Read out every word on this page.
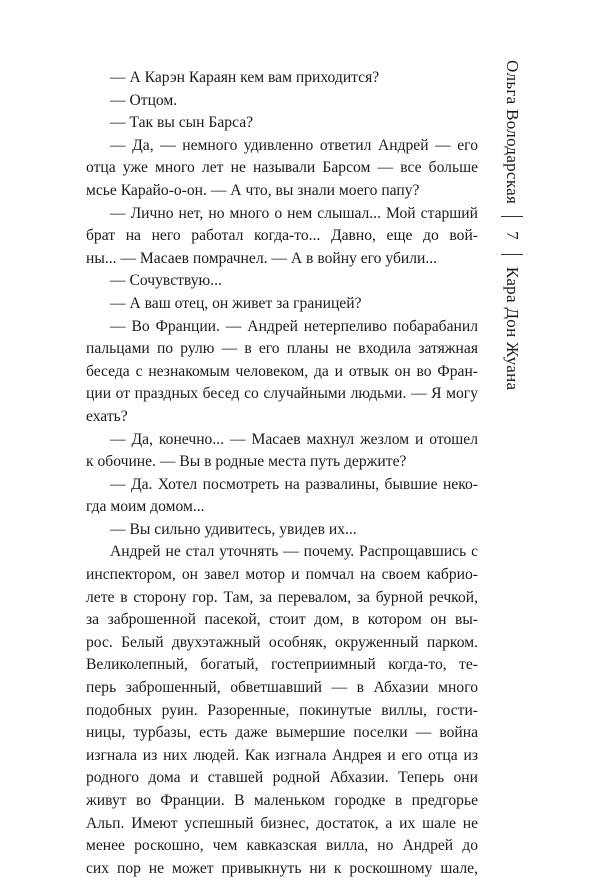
— А Карэн Караян кем вам приходится?
— Отцом.
— Так вы сын Барса?
— Да, — немного удивленно ответил Андрей — его
отца уже много лет не называли Барсом — все больше
мсье Карайо-о-он. — А что, вы знали моего папу?
— Лично нет, но много о нем слышал... Мой старший
брат на него работал когда-то... Давно, еще до вой-
ны... — Масаев помрачнел. — А в войну его убили...
— Сочувствую...
— А ваш отец, он живет за границей?
— Во Франции. — Андрей нетерпеливо побарабанил
пальцами по рулю — в его планы не входила затяжная
беседа с незнакомым человеком, да и отвык он во Фран-
ции от праздных бесед со случайными людьми. — Я могу
ехать?
— Да, конечно... — Масаев махнул жезлом и отошел
к обочине. — Вы в родные места путь держите?
— Да. Хотел посмотреть на развалины, бывшие неко-
гда моим домом...
— Вы сильно удивитесь, увидев их...
Андрей не стал уточнять — почему. Распрощавшись с
инспектором, он завел мотор и помчал на своем кабрио-
лете в сторону гор. Там, за перевалом, за бурной речкой,
за заброшенной пасекой, стоит дом, в котором он вы-
рос. Белый двухэтажный особняк, окруженный парком.
Великолепный, богатый, гостеприимный когда-то, те-
перь заброшенный, обветшавший — в Абхазии много
подобных руин. Разоренные, покинутые виллы, гости-
ницы, турбазы, есть даже вымершие поселки — война
изгнала из них людей. Как изгнала Андрея и его отца из
родного дома и ставшей родной Абхазии. Теперь они
живут во Франции. В маленьком городке в предгорье
Альп. Имеют успешный бизнес, достаток, а их шале не
менее роскошно, чем кавказская вилла, но Андрей до
сих пор не может привыкнуть ни к роскошному шале,
Ольга Володарская
7
Кара Дон Жуана
